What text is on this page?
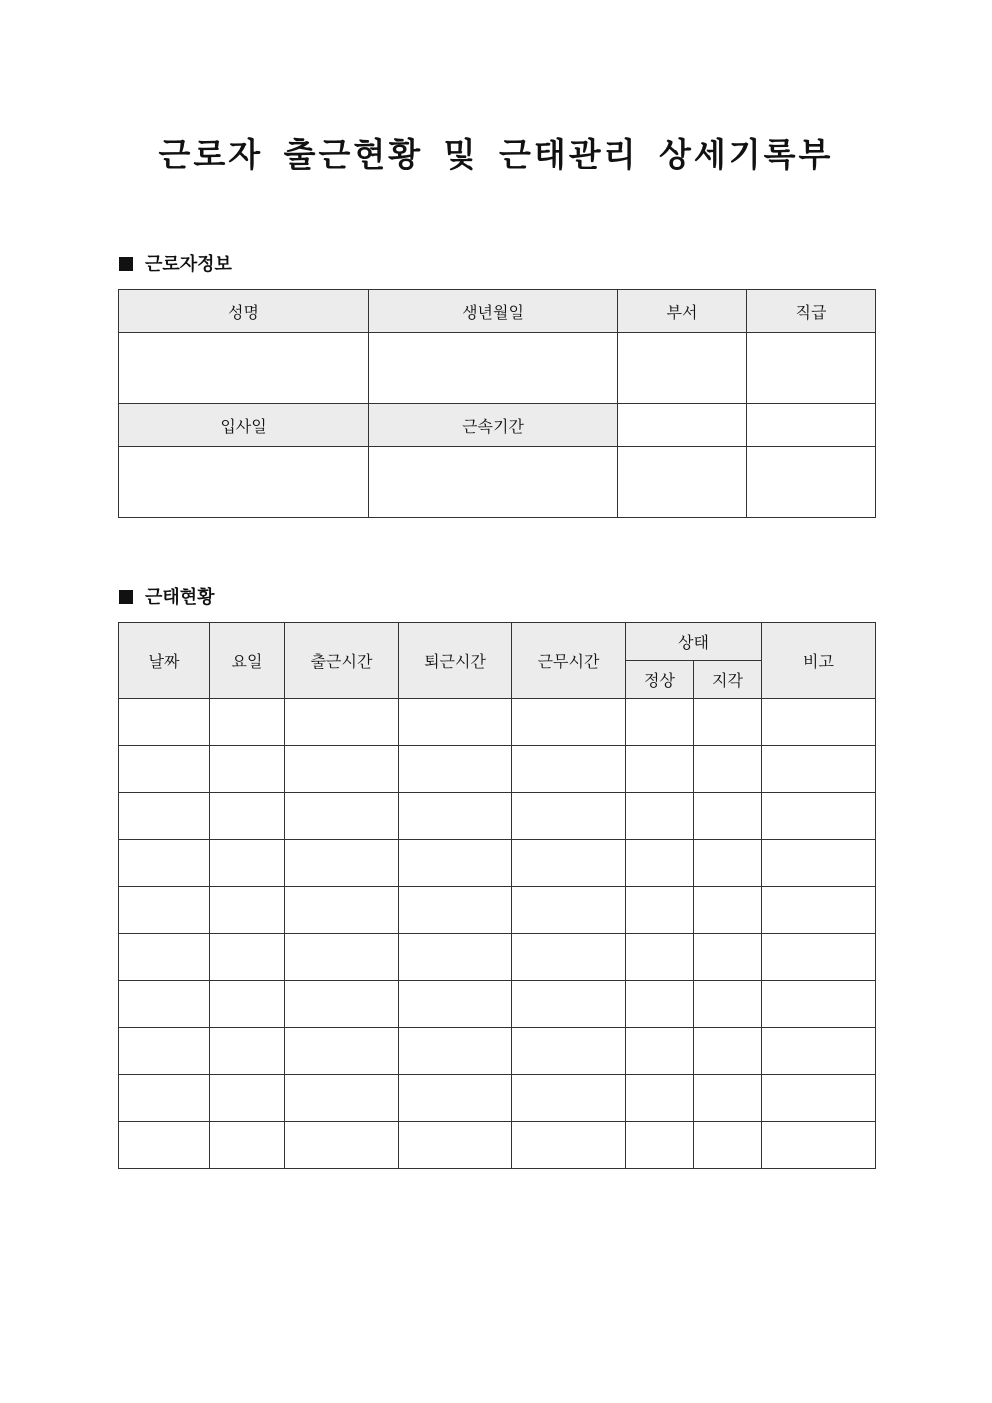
근로자 출근현황 및 근태관리 상세기록부
근로자정보
성명	생년월일	부서	직급

입사일	근속기간		

근태현황
날짜	요일	출근시간	퇴근시간	근무시간	상태		비고
					정상	지각	
